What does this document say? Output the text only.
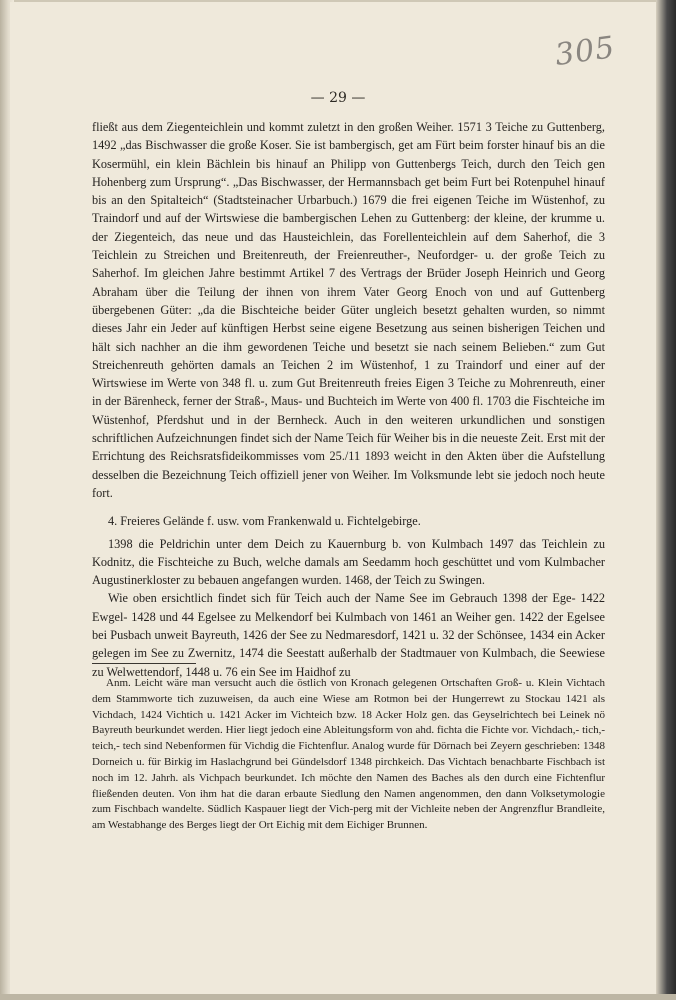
305
— 29 —

fließt aus dem Ziegenteichlein und kommt zuletzt in den großen Weiher. 1571 3 Teiche zu Guttenberg, 1492 „das Bischwasser die große Koser. Sie ist bambergisch, get am Fürt beim forster hinauf bis an die Kosermühl, ein klein Bächlein bis hinauf an Philipp von Guttenbergs Teich, durch den Teich gen Hohenberg zum Ursprung“. „Das Bischwasser, der Hermannsbach get beim Furt bei Rotenpuhel hinauf bis an den Spitalteich“ (Stadtsteinacher Urbarbuch.) 1679 die frei eigenen Teiche im Wüstenhof, zu Traindorf und auf der Wirtswiese die bambergischen Lehen zu Guttenberg: der kleine, der krumme u. der Ziegenteich, das neue und das Hausteichlein, das Forellenteichlein auf dem Saherhof, die 3 Teichlein zu Streichen und Breitenreuth, der Freienreuther-, Neufordger- u. der große Teich zu Saherhof. Im gleichen Jahre bestimmt Artikel 7 des Vertrags der Brüder Joseph Heinrich und Georg Abraham über die Teilung der ihnen von ihrem Vater Georg Enoch von und auf Guttenberg übergebenen Güter: „da die Bischteiche beider Güter ungleich besetzt gehalten wurden, so nimmt dieses Jahr ein Jeder auf künftigen Herbst seine eigene Besetzung aus seinen bisherigen Teichen und hält sich nachher an die ihm gewordenen Teiche und besetzt sie nach seinem Belieben.“ zum Gut Streichenreuth gehörten damals an Teichen 2 im Wüstenhof, 1 zu Traindorf und einer auf der Wirtswiese im Werte von 348 fl. u. zum Gut Breitenreuth freies Eigen 3 Teiche zu Mohrenreuth, einer in der Bärenheck, ferner der Straß-, Maus- und Buchteich im Werte von 400 fl. 1703 die Fischteiche im Wüstenhof, Pferdshut und in der Bernheck. Auch in den weiteren urkundlichen und sonstigen schriftlichen Aufzeichnungen findet sich der Name Teich für Weiher bis in die neueste Zeit. Erst mit der Errichtung des Reichsratsfideikommisses vom 25./11 1893 weicht in den Akten über die Aufstellung desselben die Bezeichnung Teich offiziell jener von Weiher. Im Volksmunde lebt sie jedoch noch heute fort.

4. Freieres Gelände f. usw. vom Frankenwald u. Fichtelgebirge.

1398 die Peldrichin unter dem Deich zu Kauernburg b. von Kulmbach 1497 das Teichlein zu Kodnitz, die Fischteiche zu Buch, welche damals am Seedamm hoch geschüttet und vom Kulmbacher Augustinerkloster zu bebauen angefangen wurden. 1468, der Teich zu Swingen.

Wie oben ersichtlich findet sich für Teich auch der Name See im Gebrauch 1398 der Ege- 1422 Ewgel- 1428 und 44 Egelsee zu Melkendorf bei Kulmbach von 1461 an Weiher gen. 1422 der Egelsee bei Pusbach unweit Bayreuth, 1426 der See zu Nedmaresdorf, 1421 u. 32 der Schönsee, 1434 ein Acker gelegen im See zu Zwernitz, 1474 die Seestatt außerhalb der Stadtmauer von Kulmbach, die Seewiese zu Welwettendorf, 1448 u. 76 ein See im Haidhof zu

Anm. Leicht wäre man versucht auch die östlich von Kronach gelegenen Ortschaften Groß- u. Klein Vichtach dem Stammworte tich zuzuweisen, da auch eine Wiese am Rotmon bei der Hungerrewt zu Stockau 1421 als Vichdach, 1424 Vichtich u. 1421 Acker im Vichteich bzw. 18 Acker Holz gen. das Geyselrichtech bei Leinek nö Bayreuth beurkundet werden. Hier liegt jedoch eine Ableitungsform von ahd. fichta die Fichte vor. Vichdach,- tich,- teich,- tech sind Nebenformen für Vichdig die Fichtenflur. Analog wurde für Dörnach bei Zeyern geschrieben: 1348 Dorneich u. für Birkig im Haslachgrund bei Gündelsdorf 1348 pirchkeich. Das Vichtach benachbarte Fischbach ist noch im 12. Jahrh. als Vichpach beurkundet. Ich möchte den Namen des Baches als den durch eine Fichtenflur fließenden deuten. Von ihm hat die daran erbaute Siedlung den Namen angenommen, den dann Volksetymologie zum Fischbach wandelte. Südlich Kaspauer liegt der Vich-perg mit der Vichleite neben der Angrenzflur Brandleite, am Westabhange des Berges liegt der Ort Eichig mit dem Eichiger Brunnen.
